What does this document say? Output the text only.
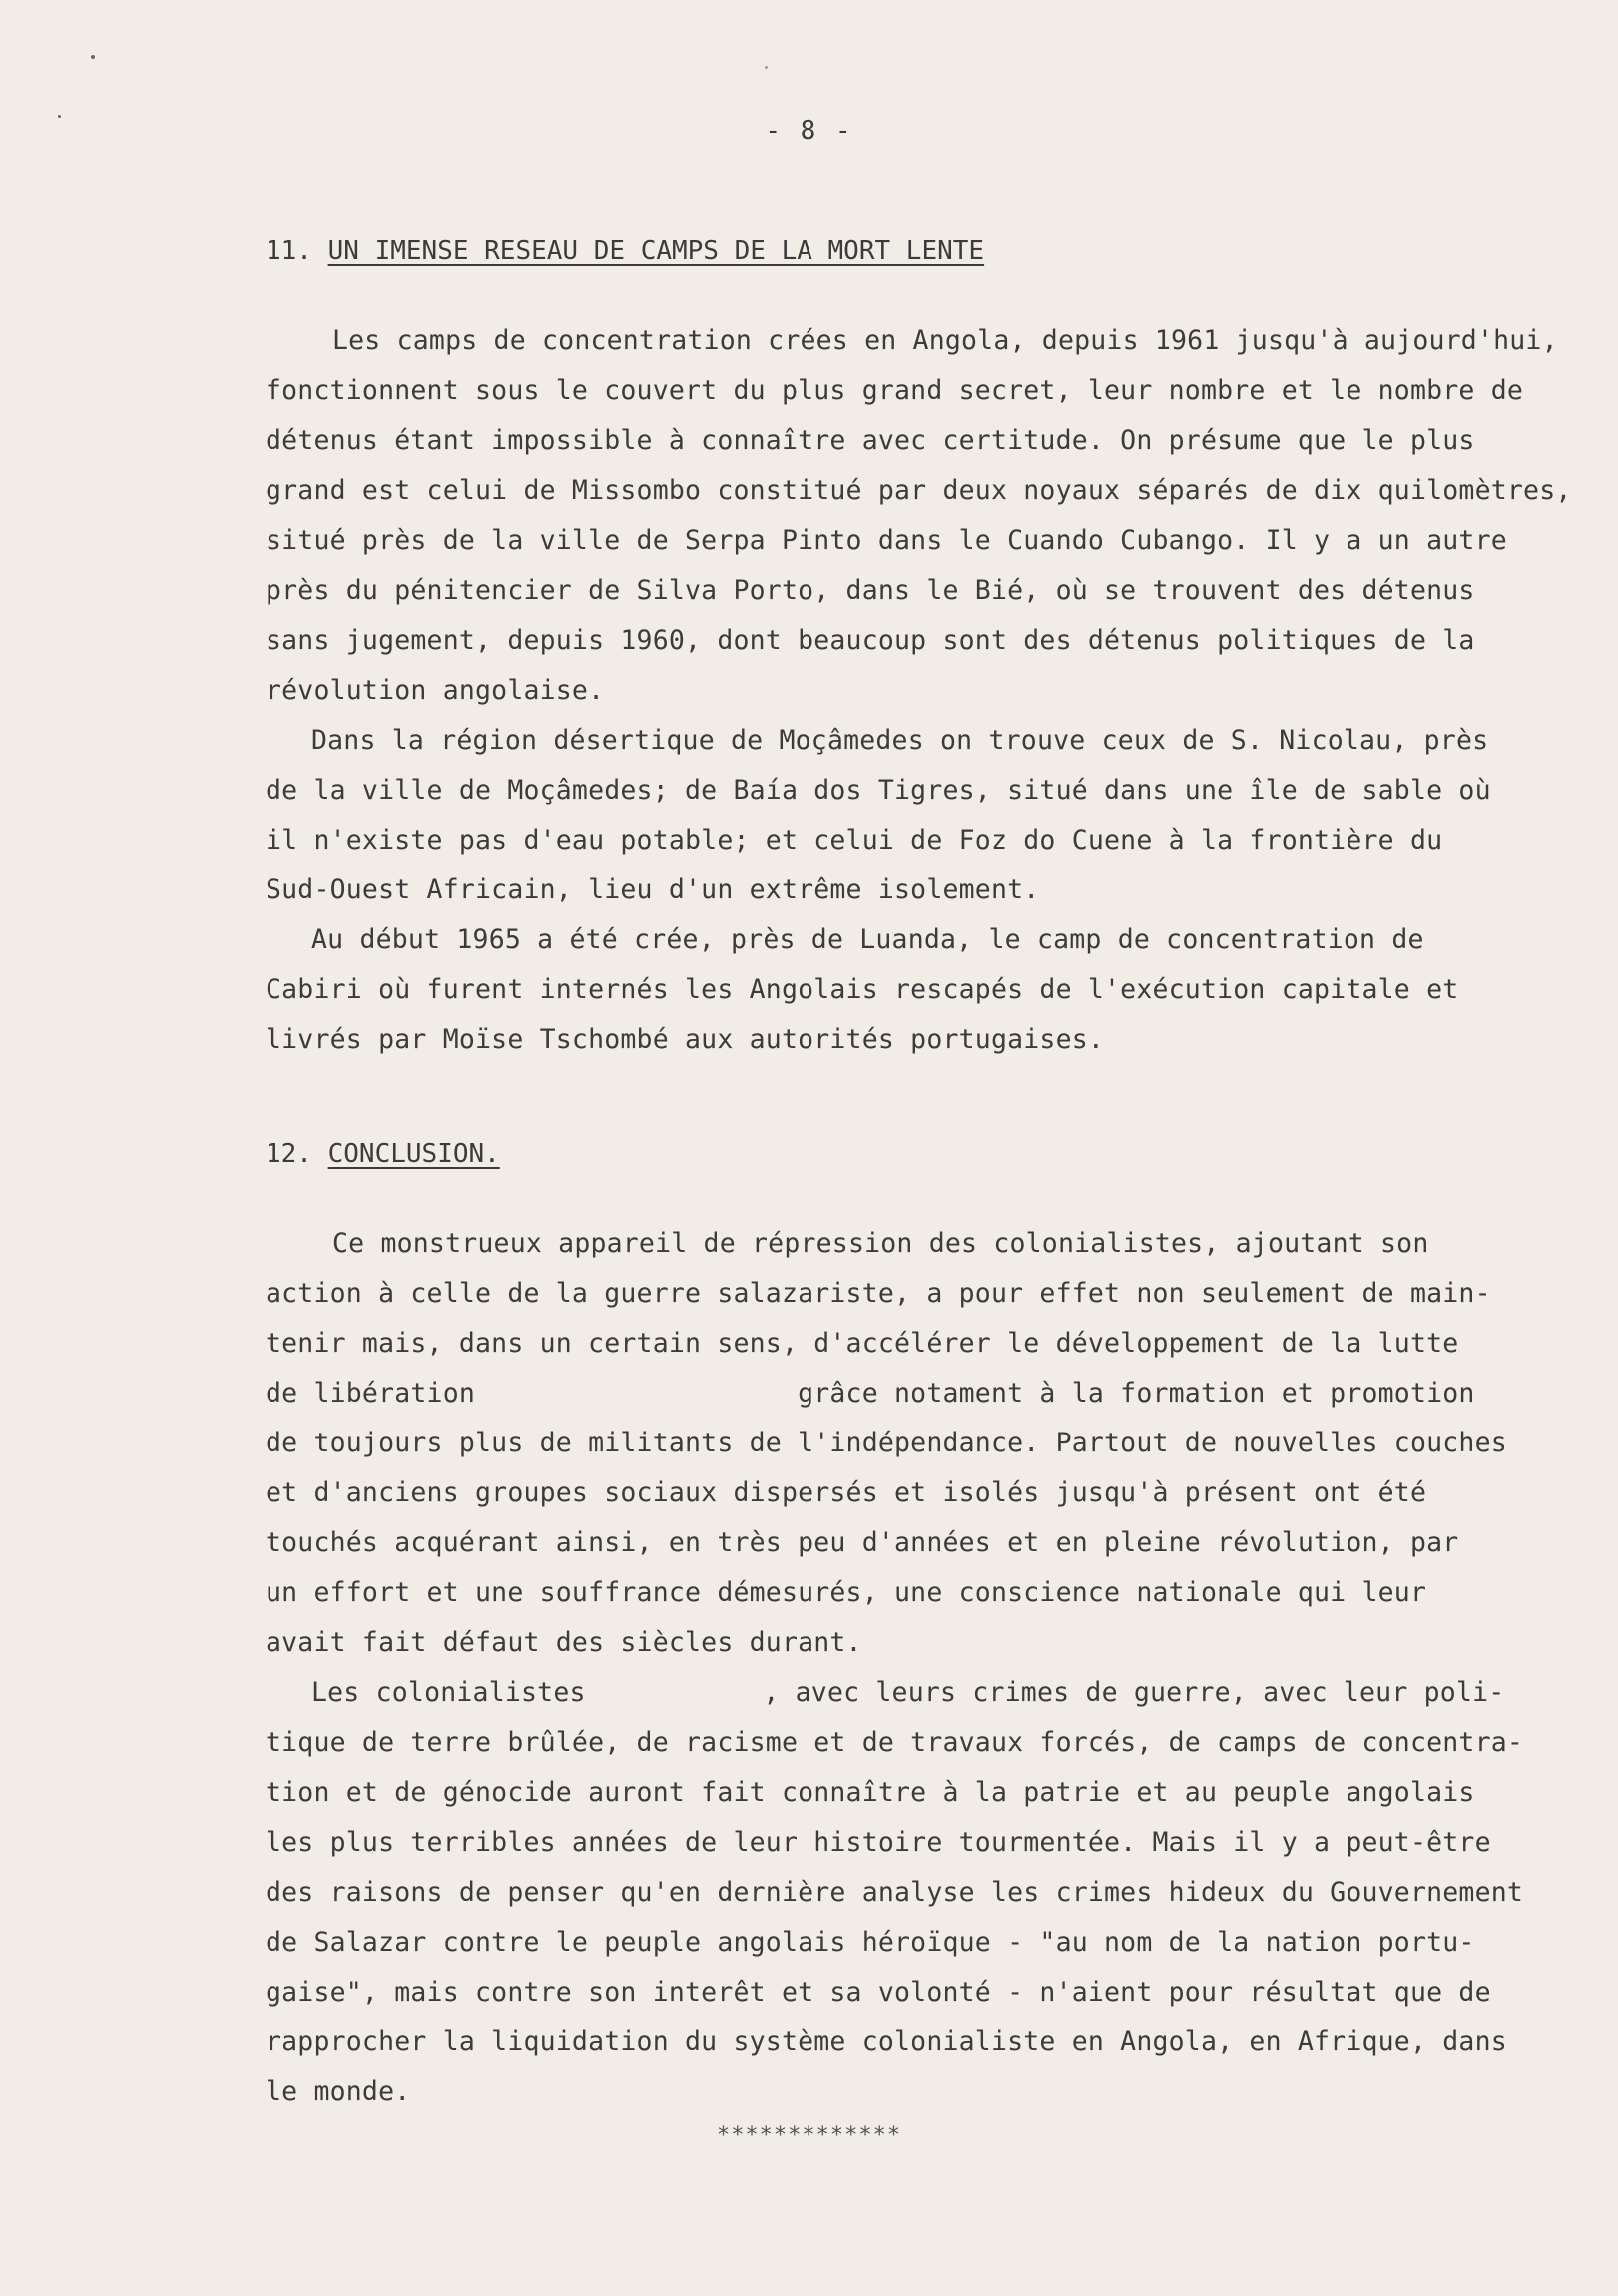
- 8 -
11. UN IMENSE RESEAU DE CAMPS DE LA MORT LENTE
Les camps de concentration crées en Angola, depuis 1961 jusqu'à aujourd'hui,
fonctionnent sous le couvert du plus grand secret, leur nombre et le nombre de
détenus étant impossible à connaître avec certitude. On présume que le plus
grand est celui de Missombo constitué par deux noyaux séparés de dix quilomètres,
situé près de la ville de Serpa Pinto dans le Cuando Cubango. Il y a un autre
près du pénitencier de Silva Porto, dans le Bié, où se trouvent des détenus
sans jugement, depuis 1960, dont beaucoup sont des détenus politiques de la
révolution angolaise.
Dans la région désertique de Moçâmedes on trouve ceux de S. Nicolau, près
de la ville de Moçâmedes; de Baía dos Tigres, situé dans une île de sable où
il n'existe pas d'eau potable; et celui de Foz do Cuene à la frontière du
Sud-Ouest Africain, lieu d'un extrême isolement.
Au début 1965 a été crée, près de Luanda, le camp de concentration de
Cabiri où furent internés les Angolais rescapés de l'exécution capitale et
livrés par Moïse Tschombé aux autorités portugaises.
12. CONCLUSION.
Ce monstrueux appareil de répression des colonialistes, ajoutant son
action à celle de la guerre salazariste, a pour effet non seulement de main-
tenir mais, dans un certain sens, d'accélérer le développement de la lutte
de libération                    grâce notament à la formation et promotion
de toujours plus de militants de l'indépendance. Partout de nouvelles couches
et d'anciens groupes sociaux dispersés et isolés jusqu'à présent ont été
touchés acquérant ainsi, en très peu d'années et en pleine révolution, par
un effort et une souffrance démesurés, une conscience nationale qui leur
avait fait défaut des siècles durant.
Les colonialistes           , avec leurs crimes de guerre, avec leur poli-
tique de terre brûlée, de racisme et de travaux forcés, de camps de concentra-
tion et de génocide auront fait connaître à la patrie et au peuple angolais
les plus terribles années de leur histoire tourmentée. Mais il y a peut-être
des raisons de penser qu'en dernière analyse les crimes hideux du Gouvernement
de Salazar contre le peuple angolais héroïque - "au nom de la nation portu-
gaise", mais contre son interêt et sa volonté - n'aient pour résultat que de
rapprocher la liquidation du système colonialiste en Angola, en Afrique, dans
le monde.
*************
